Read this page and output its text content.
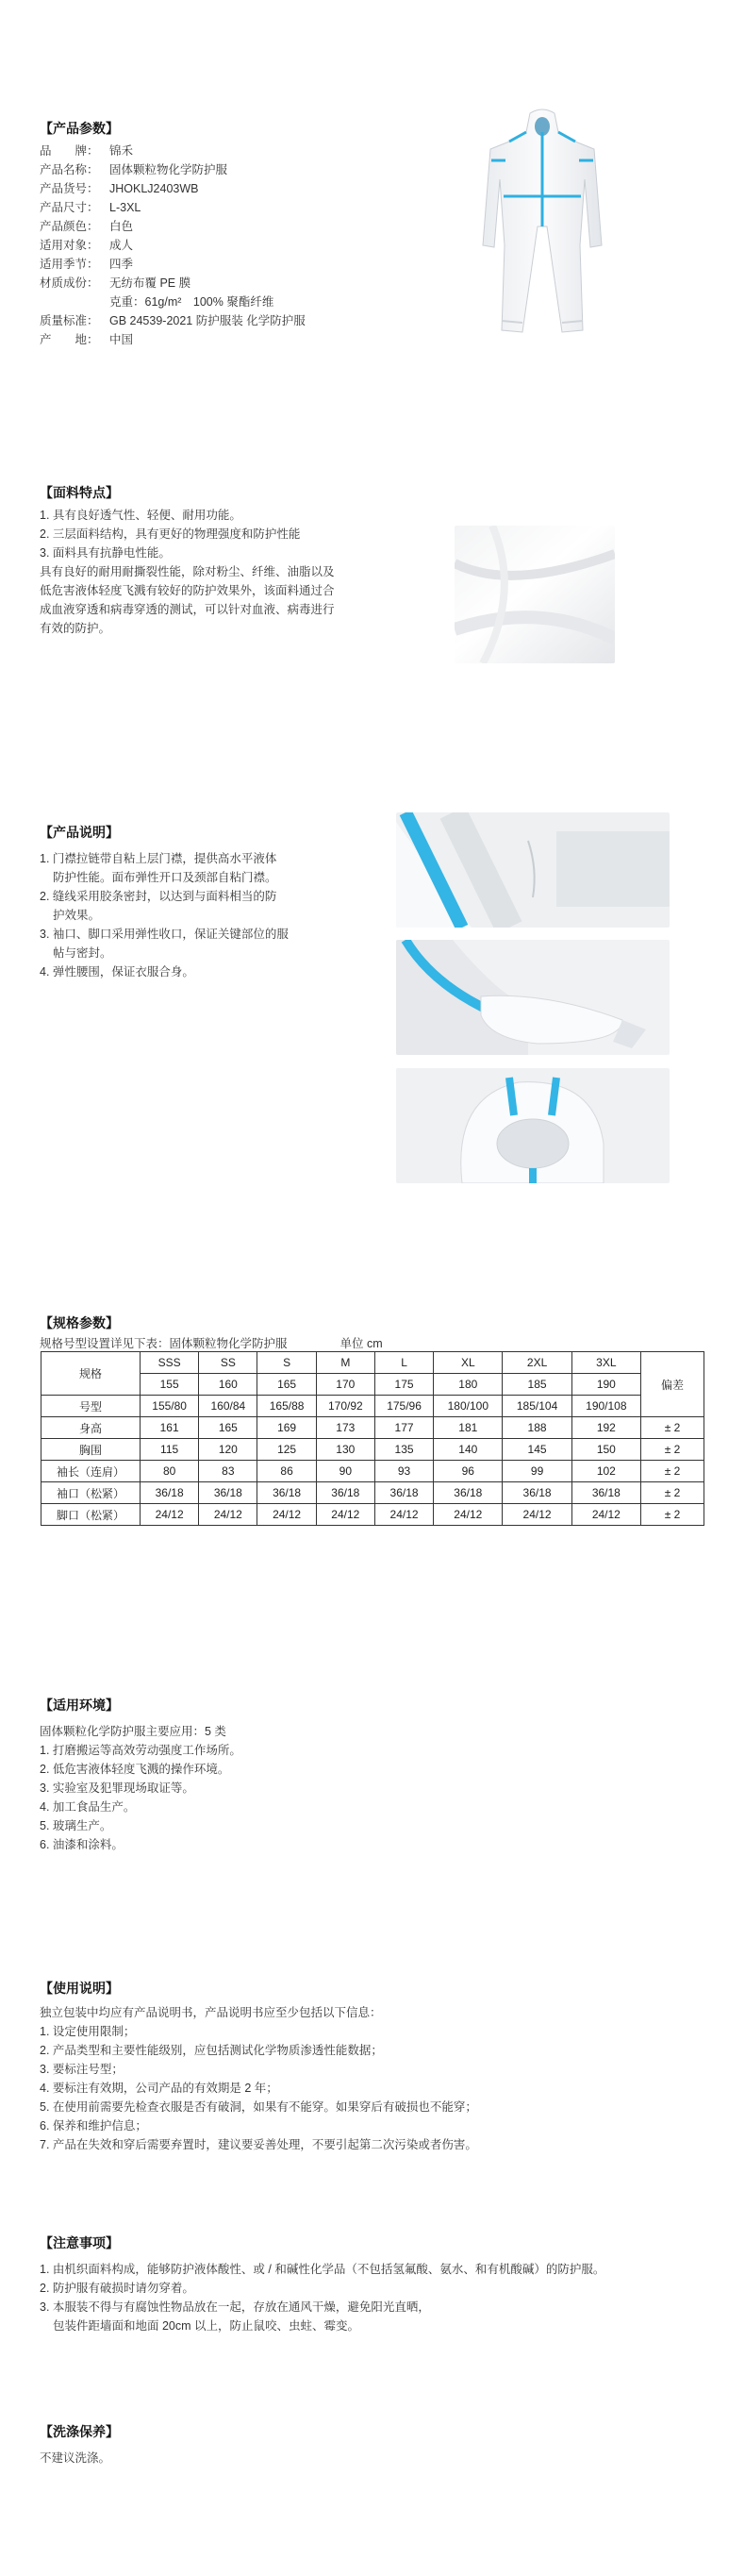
【产品参数】
品　　牌： 锦禾
产品名称： 固体颗粒物化学防护服
产品货号： JHOKLJ2403WB
产品尺寸： L-3XL
产品颜色： 白色
适用对象： 成人
适用季节： 四季
材质成份： 无纺布覆 PE 膜
克重：61g/m²　100% 聚酯纤维
质量标准： GB 24539-2021 防护服装 化学防护服
产　　地： 中国
【面料特点】
1. 具有良好透气性、轻便、耐用功能。
2. 三层面料结构，具有更好的物理强度和防护性能
3. 面料具有抗静电性能。
具有良好的耐用耐撕裂性能，除对粉尘、纤维、油脂以及
低危害液体轻度飞溅有较好的防护效果外，该面料通过合
成血液穿透和病毒穿透的测试，可以针对血液、病毒进行
有效的防护。
【产品说明】
1. 门襟拉链带自粘上层门襟，提供高水平液体
防护性能。面布弹性开口及颈部自粘门襟。
2. 缝线采用胶条密封，以达到与面料相当的防
护效果。
3. 袖口、脚口采用弹性收口，保证关键部位的服
帖与密封。
4. 弹性腰围，保证衣服合身。
【规格参数】
规格号型设置详见下表：固体颗粒物化学防护服	单位 cm
规格	SSS	SS	S	M	L	XL	2XL	3XL	偏差
	155	160	165	170	175	180	185	190	
号型	155/80	160/84	165/88	170/92	175/96	180/100	185/104	190/108	
身高	161	165	169	173	177	181	188	192	± 2
胸围	115	120	125	130	135	140	145	150	± 2
袖长（连肩）	80	83	86	90	93	96	99	102	± 2
袖口（松紧）	36/18	36/18	36/18	36/18	36/18	36/18	36/18	36/18	± 2
脚口（松紧）	24/12	24/12	24/12	24/12	24/12	24/12	24/12	24/12	± 2
【适用环境】
固体颗粒化学防护服主要应用：5 类
1. 打磨搬运等高效劳动强度工作场所。
2. 低危害液体轻度飞溅的操作环境。
3. 实验室及犯罪现场取证等。
4. 加工食品生产。
5. 玻璃生产。
6. 油漆和涂料。
【使用说明】
独立包装中均应有产品说明书，产品说明书应至少包括以下信息：
1. 设定使用限制；
2. 产品类型和主要性能级别，应包括测试化学物质渗透性能数据；
3. 要标注号型；
4. 要标注有效期，公司产品的有效期是 2 年；
5. 在使用前需要先检查衣服是否有破洞，如果有不能穿。如果穿后有破损也不能穿；
6. 保养和维护信息；
7. 产品在失效和穿后需要弃置时，建议要妥善处理，不要引起第二次污染或者伤害。
【注意事项】
1. 由机织面料构成，能够防护液体酸性、或 / 和碱性化学品（不包括氢氟酸、氨水、和有机酸碱）的防护服。
2. 防护服有破损时请勿穿着。
3. 本服装不得与有腐蚀性物品放在一起，存放在通风干燥，避免阳光直晒，
包装件距墙面和地面 20cm 以上，防止鼠咬、虫蛀、霉变。
【洗涤保养】
不建议洗涤。
